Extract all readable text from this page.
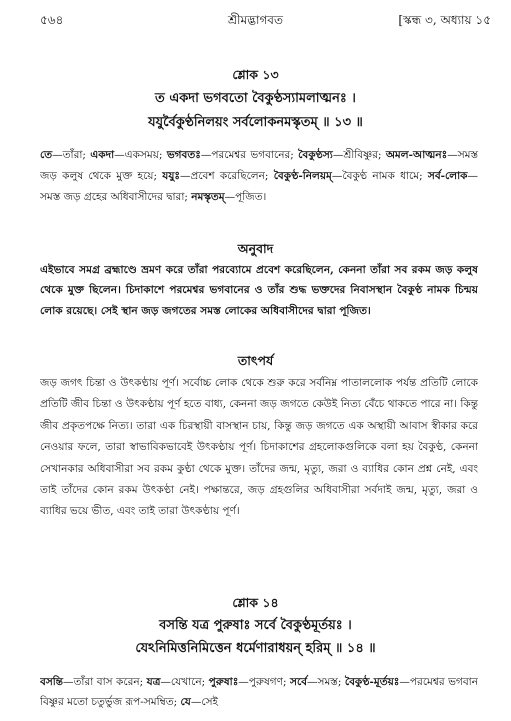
৫৬৪	শ্রীমদ্ভাগবত	[স্কন্ধ ৩, অধ্যায় ১৫
শ্লোক ১৩
ত একদা ভগবতো বৈকুণ্ঠস্যামলাত্মনঃ ।
যযুর্বৈকুণ্ঠনিলয়ং সর্বলোকনমস্কৃতম্ ॥ ১৩ ॥

তে—তাঁরা; একদা—একসময়; ভগবতঃ—পরমেশ্বর ভগবানের; বৈকুণ্ঠস্য—শ্রীবিষ্ণুর; অমল-আত্মনঃ—সমস্ত জড় কলুষ থেকে মুক্ত হয়ে; যযুঃ—প্রবেশ করেছিলেন; বৈকুণ্ঠ-নিলয়ম্—বৈকুণ্ঠ নামক ধামে; সর্ব-লোক—সমস্ত জড় গ্রহের অধিবাসীদের দ্বারা; নমস্কৃতম্—পূজিত।

অনুবাদ

এইভাবে সমগ্র ব্রহ্মাণ্ডে ভ্রমণ করে তাঁরা পরব্যোমে প্রবেশ করেছিলেন, কেননা তাঁরা সব রকম জড় কলুষ থেকে মুক্ত ছিলেন। চিদাকাশে পরমেশ্বর ভগবানের ও তাঁর শুদ্ধ ভক্তদের নিবাসস্থান বৈকুণ্ঠ নামক চিন্ময় লোক রয়েছে। সেই স্থান জড় জগতের সমস্ত লোকের অধিবাসীদের দ্বারা পূজিত।

তাৎপর্য

জড় জগৎ চিন্তা ও উৎকণ্ঠায় পূর্ণ। সর্বোচ্চ লোক থেকে শুরু করে সর্বনিম্ন পাতাললোক পর্যন্ত প্রতিটি লোকে প্রতিটি জীব চিন্তা ও উৎকণ্ঠায় পূর্ণ হতে বাধ্য, কেননা জড় জগতে কেউই নিত্য বেঁচে থাকতে পারে না। কিন্তু জীব প্রকৃতপক্ষে নিত্য। তারা এক চিরস্থায়ী বাসস্থান চায়, কিন্তু জড় জগতে এক অস্থায়ী আবাস স্বীকার করে নেওয়ার ফলে, তারা স্বাভাবিকভাবেই উৎকণ্ঠায় পূর্ণ। চিদাকাশের গ্রহলোকগুলিকে বলা হয় বৈকুণ্ঠ, কেননা সেখানকার অধিবাসীরা সব রকম কুণ্ঠা থেকে মুক্ত। তাঁদের জন্ম, মৃত্যু, জরা ও ব্যাধির কোন প্রশ্ন নেই, এবং তাই তাঁদের কোন রকম উৎকণ্ঠা নেই। পক্ষান্তরে, জড় গ্রহগুলির অধিবাসীরা সর্বদাই জন্ম, মৃত্যু, জরা ও ব্যাধির ভয়ে ভীত, এবং তাই তারা উৎকণ্ঠায় পূর্ণ।

শ্লোক ১৪
বসন্তি যত্র পুরুষাঃ সর্বে বৈকুণ্ঠমূর্তয়ঃ ।
যেঽনিমিত্তনিমিত্তেন ধর্মেণারাধয়ন্ হরিম্ ॥ ১৪ ॥

বসন্তি—তাঁরা বাস করেন; যত্র—যেখানে; পুরুষাঃ—পুরুষগণ; সর্বে—সমস্ত; বৈকুণ্ঠ-মূর্তয়ঃ—পরমেশ্বর ভগবান বিষ্ণুর মতো চতুর্ভুজ রূপ-সমম্বিত; যে—সেই
